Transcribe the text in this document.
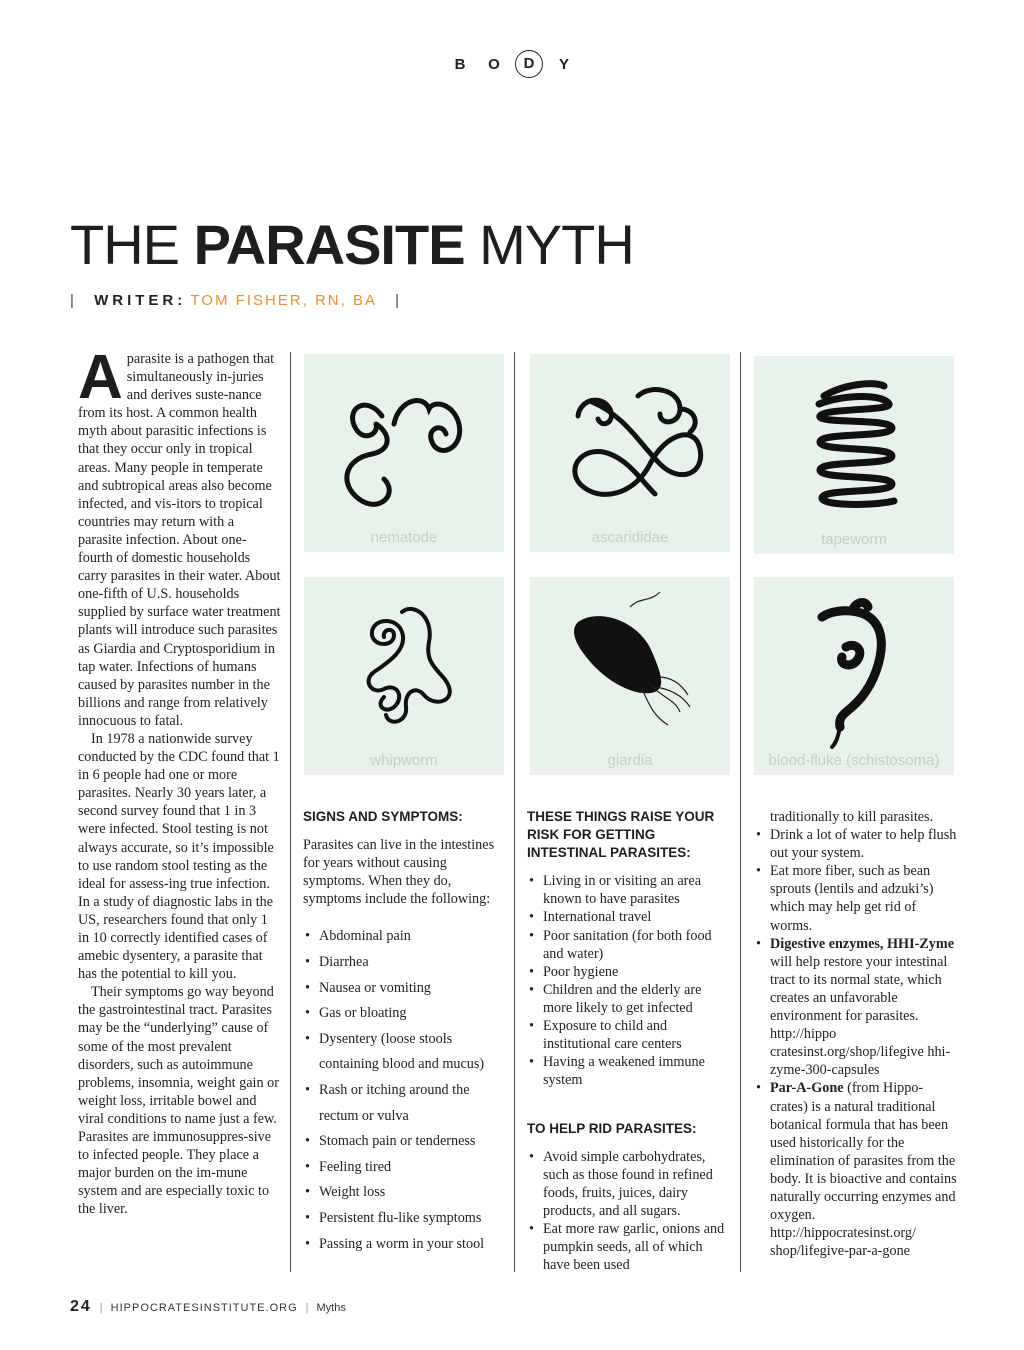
B O D Y
THE PARASITE MYTH
| WRITER: TOM FISHER, RN, BA |
A parasite is a pathogen that simultaneously in-juries and derives suste-nance from its host. A common health myth about parasitic infections is that they occur only in tropical areas. Many people in temperate and subtropical areas also become infected, and vis-itors to tropical countries may return with a parasite infection. About one-fourth of domestic households carry parasites in their water. About one-fifth of U.S. households supplied by surface water treatment plants will introduce such parasites as Giardia and Cryptosporidium in tap water. Infections of humans caused by parasites number in the billions and range from relatively innocuous to fatal.

In 1978 a nationwide survey conducted by the CDC found that 1 in 6 people had one or more parasites. Nearly 30 years later, a second survey found that 1 in 3 were infected. Stool testing is not always accurate, so it’s impossible to use random stool testing as the ideal for assess-ing true infection. In a study of diagnostic labs in the US, researchers found that only 1 in 10 correctly identified cases of amebic dysentery, a parasite that has the potential to kill you.

Their symptoms go way beyond the gastrointestinal tract. Parasites may be the “underlying” cause of some of the most prevalent disorders, such as autoimmune problems, insomnia, weight gain or weight loss, irritable bowel and viral conditions to name just a few. Parasites are immunosuppres-sive to infected people. They place a major burden on the im-mune system and are especially toxic to the liver.

nematode	ascarididae	tapeworm
whipworm	giardia	blood-fluke (schistosoma)

SIGNS AND SYMPTOMS:

Parasites can live in the intestines for years without causing symptoms. When they do, symptoms include the following:

• Abdominal pain
• Diarrhea
• Nausea or vomiting
• Gas or bloating
• Dysentery (loose stools containing blood and mucus)
• Rash or itching around the rectum or vulva
• Stomach pain or tenderness
• Feeling tired
• Weight loss
• Persistent flu-like symptoms
• Passing a worm in your stool

THESE THINGS RAISE YOUR RISK FOR GETTING INTESTINAL PARASITES:

• Living in or visiting an area known to have parasites
• International travel
• Poor sanitation (for both food and water)
• Poor hygiene
• Children and the elderly are more likely to get infected
• Exposure to child and institutional care centers
• Having a weakened immune system

TO HELP RID PARASITES:

• Avoid simple carbohydrates, such as those found in refined foods, fruits, juices, dairy products, and all sugars.
• Eat more raw garlic, onions and pumpkin seeds, all of which have been used

traditionally to kill parasites.

• Drink a lot of water to help flush out your system.
• Eat more fiber, such as bean sprouts (lentils and adzuki’s) which may help get rid of worms.
• Digestive enzymes, HHI-Zyme will help restore your intestinal tract to its normal state, which creates an unfavorable environment for parasites. http://hippo cratesinst.org/shop/lifegive hhi-zyme-300-capsules
• Par-A-Gone (from Hippo-crates) is a natural traditional botanical formula that has been used historically for the elimination of parasites from the body. It is bioactive and contains naturally occurring enzymes and oxygen. http://hippocratesinst.org/ shop/lifegive-par-a-gone
24 | HIPPOCRATESINSTITUTE.ORG | Myths
